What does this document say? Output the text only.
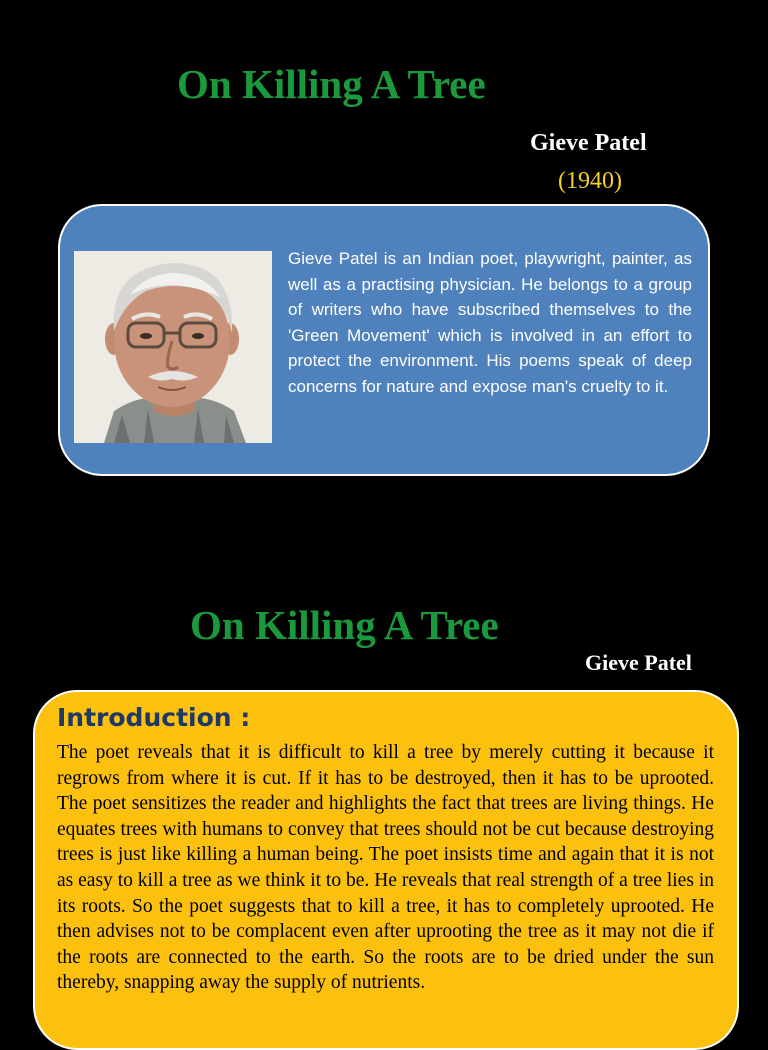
On Killing A Tree
Gieve Patel
(1940)

Gieve Patel is an Indian poet, playwright, painter, as well as a practising physician. He belongs to a group of writers who have subscribed themselves to the 'Green Movement' which is involved in an effort to protect the environment. His poems speak of deep concerns for nature and expose man's cruelty to it.

On Killing A Tree
Gieve Patel
Introduction :

The poet reveals that it is difficult to kill a tree by merely cutting it because it regrows from where it is cut. If it has to be destroyed, then it has to be uprooted. The poet sensitizes the reader and highlights the fact that trees are living things. He equates trees with humans to convey that trees should not be cut because destroying trees is just like killing a human being. The poet insists time and again that it is not as easy to kill a tree as we think it to be. He reveals that real strength of a tree lies in its roots. So the poet suggests that to kill a tree, it has to completely uprooted. He then advises not to be complacent even after uprooting the tree as it may not die if the roots are connected to the earth. So the roots are to be dried under the sun thereby, snapping away the supply of nutrients.
